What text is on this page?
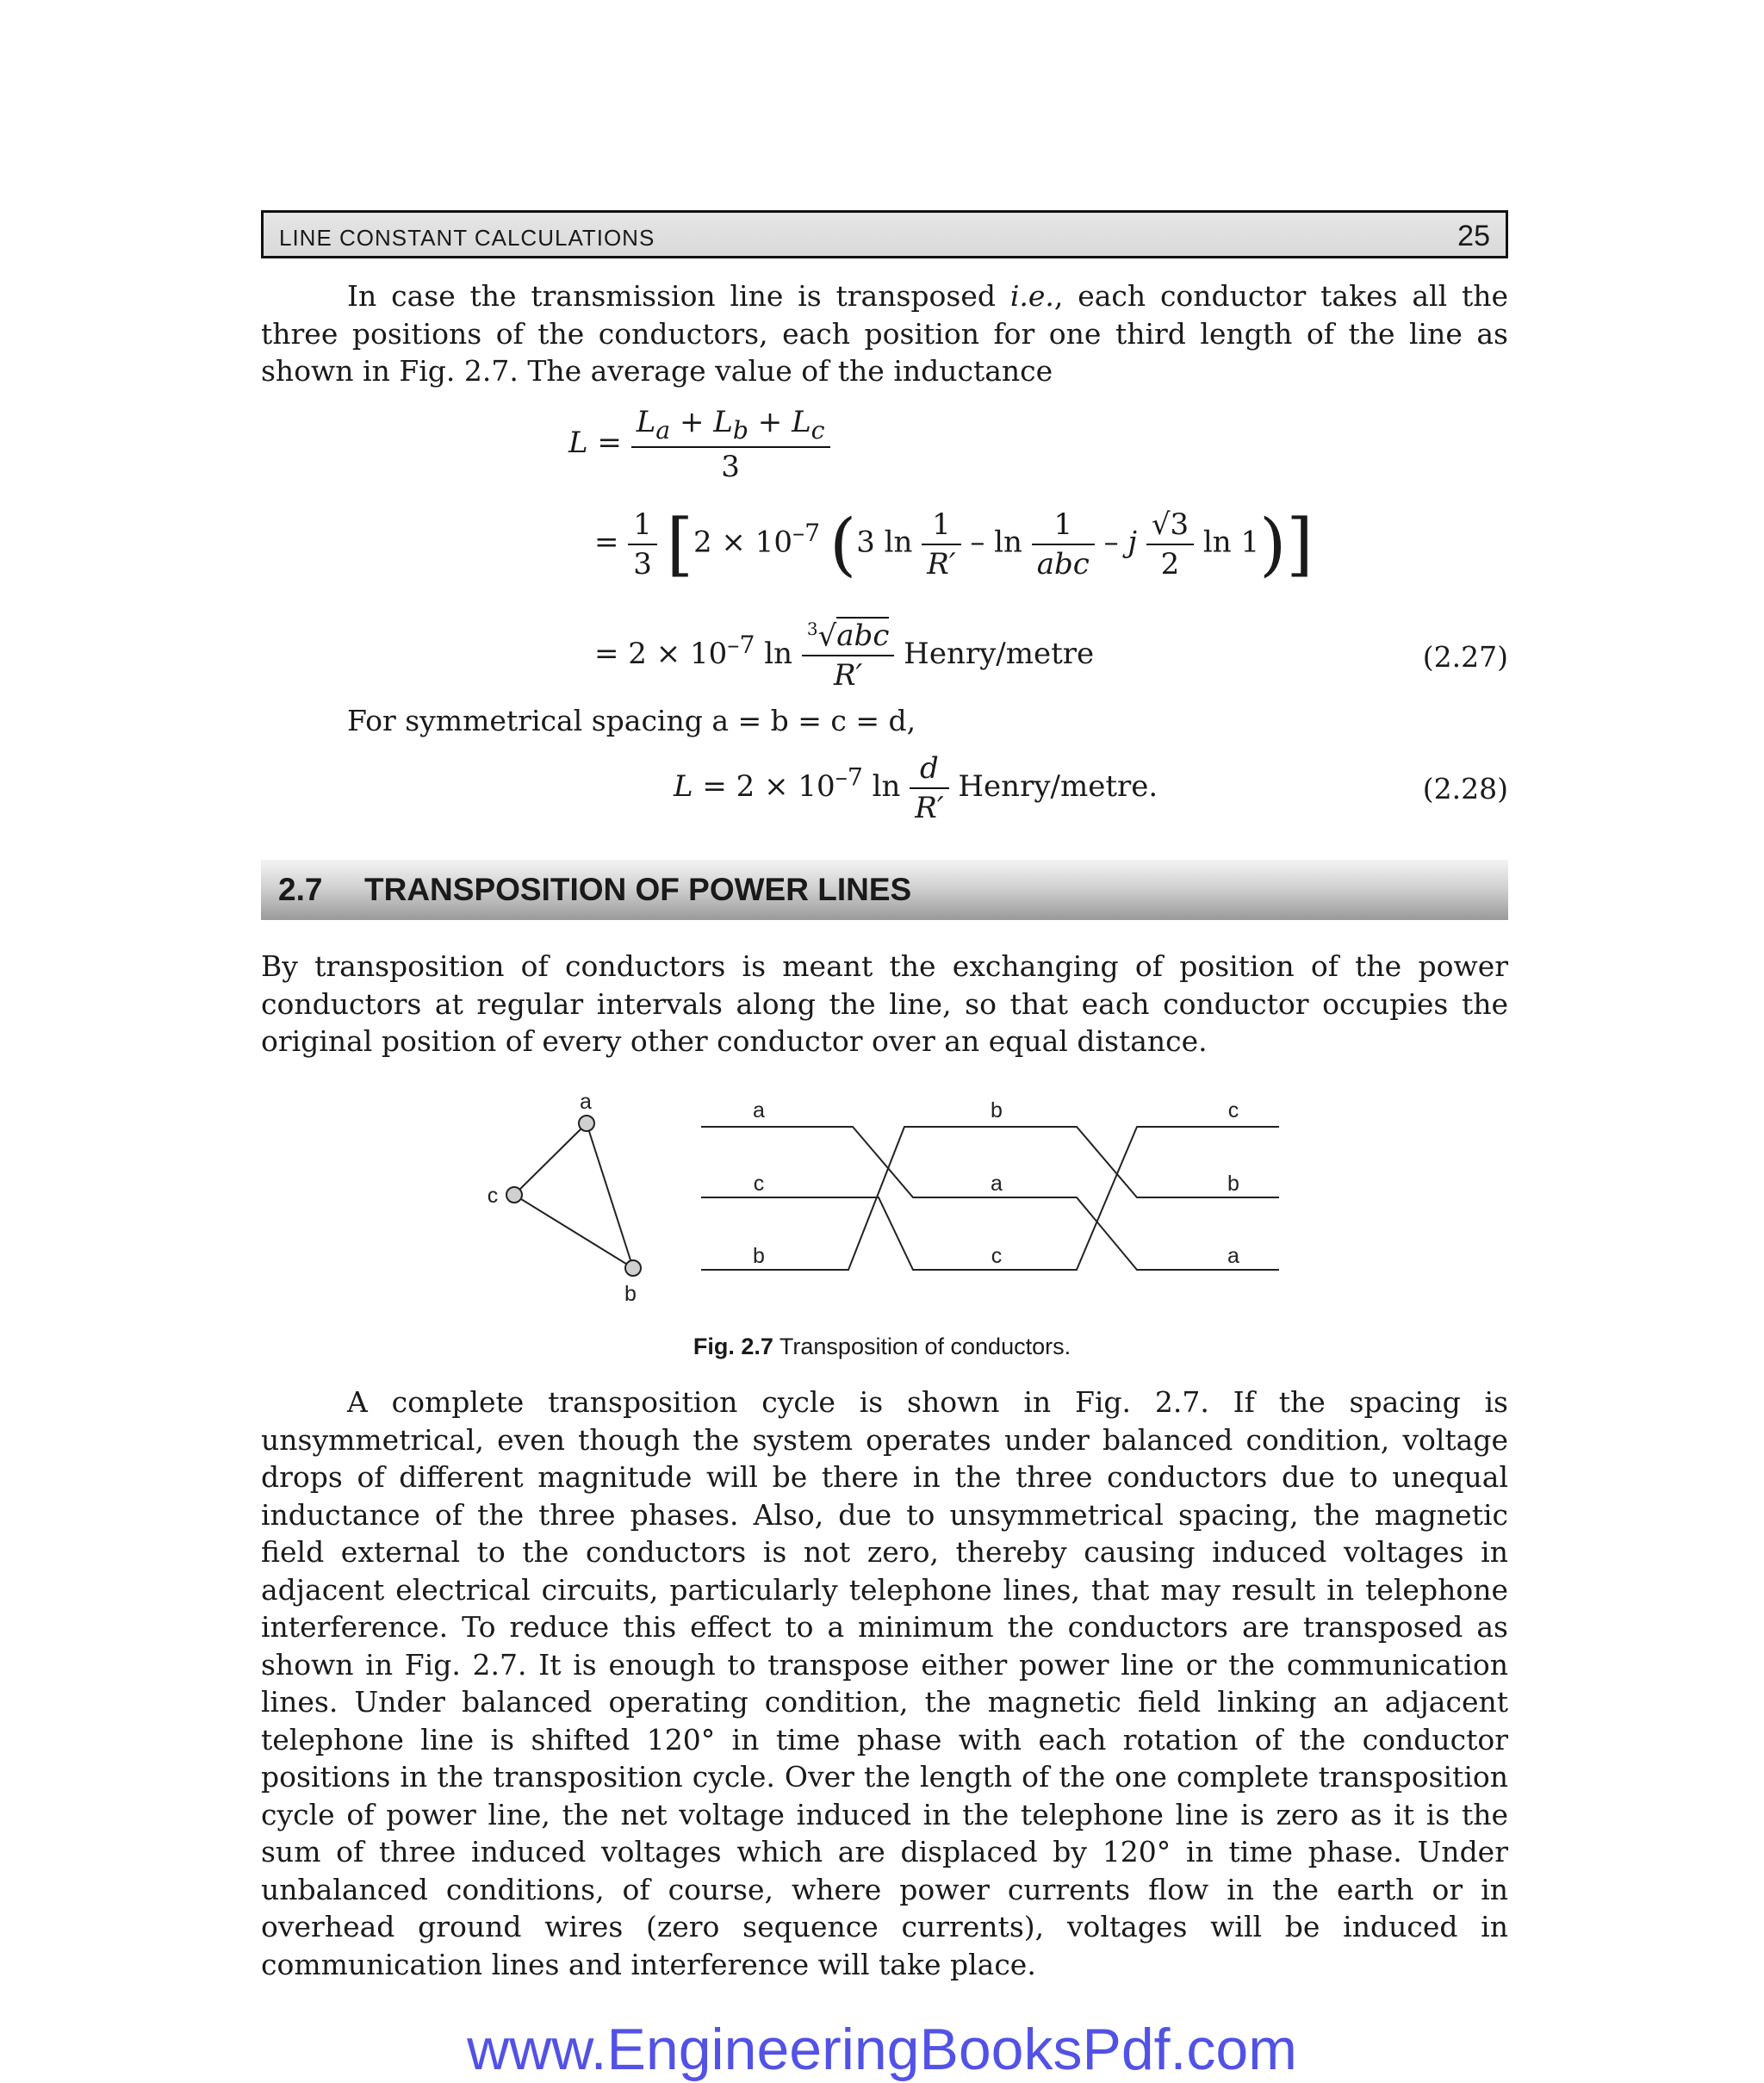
LINE CONSTANT CALCULATIONS	25

In case the transmission line is transposed i.e., each conductor takes all the three positions of the conductors, each position for one third length of the line as shown in Fig. 2.7. The average value of the inductance

$L = \frac{L_a + L_b + L_c}{3}$
= $\frac{1}{3} [2 \times 10^{-7}$ (3 $\ln \frac{1}{R'}$ – $\ln \frac{1}{\text{abc}}$ – j $\frac{√3}{2}$ ln 1)]
= $2 \times 10^{-7}$ $\ln \frac{^3√abc}{R'}$ Henry/metre	(2.27)

For symmetrical spacing a = b = c = d,

$L = 2 \times 10^{-7}$ $\ln \frac{d}{R'}$ Henry/metre.	(2.28)
2.7 TRANSPOSITION OF POWER LINES

By transposition of conductors is meant the exchanging of position of the power conductors at regular intervals along the line, so that each conductor occupies the original position of every other conductor over an equal distance.

a
c
b
a	b	c
c	a	b
b	c	a
Fig. 2.7 Transposition of conductors.

A complete transposition cycle is shown in Fig. 2.7. If the spacing is unsymmetrical, even though the system operates under balanced condition, voltage drops of different magnitude will be there in the three conductors due to unequal inductance of the three phases. Also, due to unsymmetrical spacing, the magnetic field external to the conductors is not zero, thereby causing induced voltages in adjacent electrical circuits, particularly telephone lines, that may result in telephone interference. To reduce this effect to a minimum the conductors are transposed as shown in Fig. 2.7. It is enough to transpose either power line or the communication lines. Under balanced operating condition, the magnetic field linking an adjacent telephone line is shifted 120° in time phase with each rotation of the conductor positions in the transposition cycle. Over the length of the one complete transposition cycle of power line, the net voltage induced in the telephone line is zero as it is the sum of three induced voltages which are displaced by 120° in time phase. Under unbalanced conditions, of course, where power currents flow in the earth or in overhead ground wires (zero sequence currents), voltages will be induced in communication lines and interference will take place.

www.EngineeringBooksPdf.com
